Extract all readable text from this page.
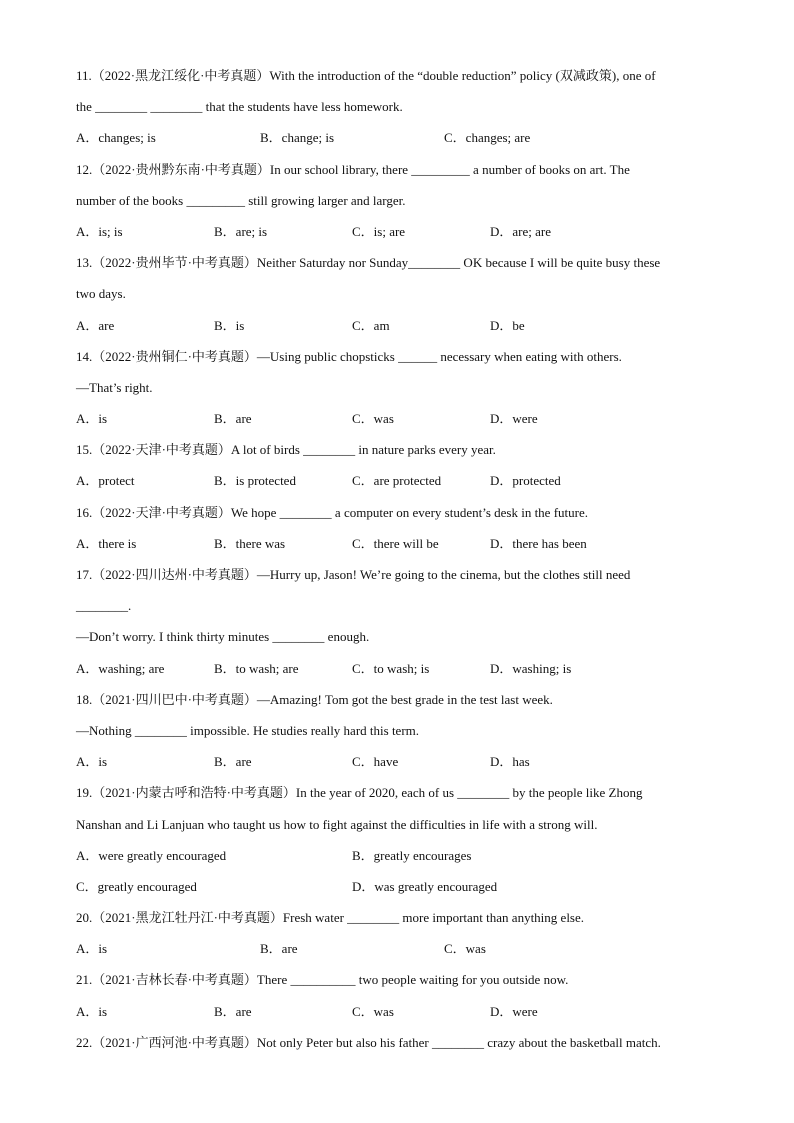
11.（2022·黑龙江绥化·中考真题）With the introduction of the “double reduction” policy (双减政策), one of
the ________ ________ that the students have less homework.
A．changes; is	B．change; is	C．changes; are
12.（2022·贵州黔东南·中考真题）In our school library, there _________ a number of books on art. The
number of the books _________ still growing larger and larger.
A．is; is	B．are; is	C．is; are	D．are; are
13.（2022·贵州毕节·中考真题）Neither Saturday nor Sunday________ OK because I will be quite busy these
two days.
A．are	B．is	C．am	D．be
14.（2022·贵州铜仁·中考真题）—Using public chopsticks ______ necessary when eating with others.
—That’s right.
A．is	B．are	C．was	D．were
15.（2022·天津·中考真题）A lot of birds ________ in nature parks every year.
A．protect	B．is protected	C．are protected	D．protected
16.（2022·天津·中考真题）We hope ________ a computer on every student’s desk in the future.
A．there is	B．there was	C．there will be	D．there has been
17.（2022·四川达州·中考真题）—Hurry up, Jason! We’re going to the cinema, but the clothes still need
________.
—Don’t worry. I think thirty minutes ________ enough.
A．washing; are	B．to wash; are	C．to wash; is	D．washing; is
18.（2021·四川巴中·中考真题）—Amazing! Tom got the best grade in the test last week.
—Nothing ________ impossible. He studies really hard this term.
A．is	B．are	C．have	D．has
19.（2021·内蒙古呼和浩特·中考真题）In the year of 2020, each of us ________ by the people like Zhong
Nanshan and Li Lanjuan who taught us how to fight against the difficulties in life with a strong will.
A．were greatly encouraged	B．greatly encourages
C．greatly encouraged	D．was greatly encouraged
20.（2021·黑龙江牡丹江·中考真题）Fresh water ________ more important than anything else.
A．is	B．are	C．was
21.（2021·吉林长春·中考真题）There __________ two people waiting for you outside now.
A．is	B．are	C．was	D．were
22.（2021·广西河池·中考真题）Not only Peter but also his father ________ crazy about the basketball match.
